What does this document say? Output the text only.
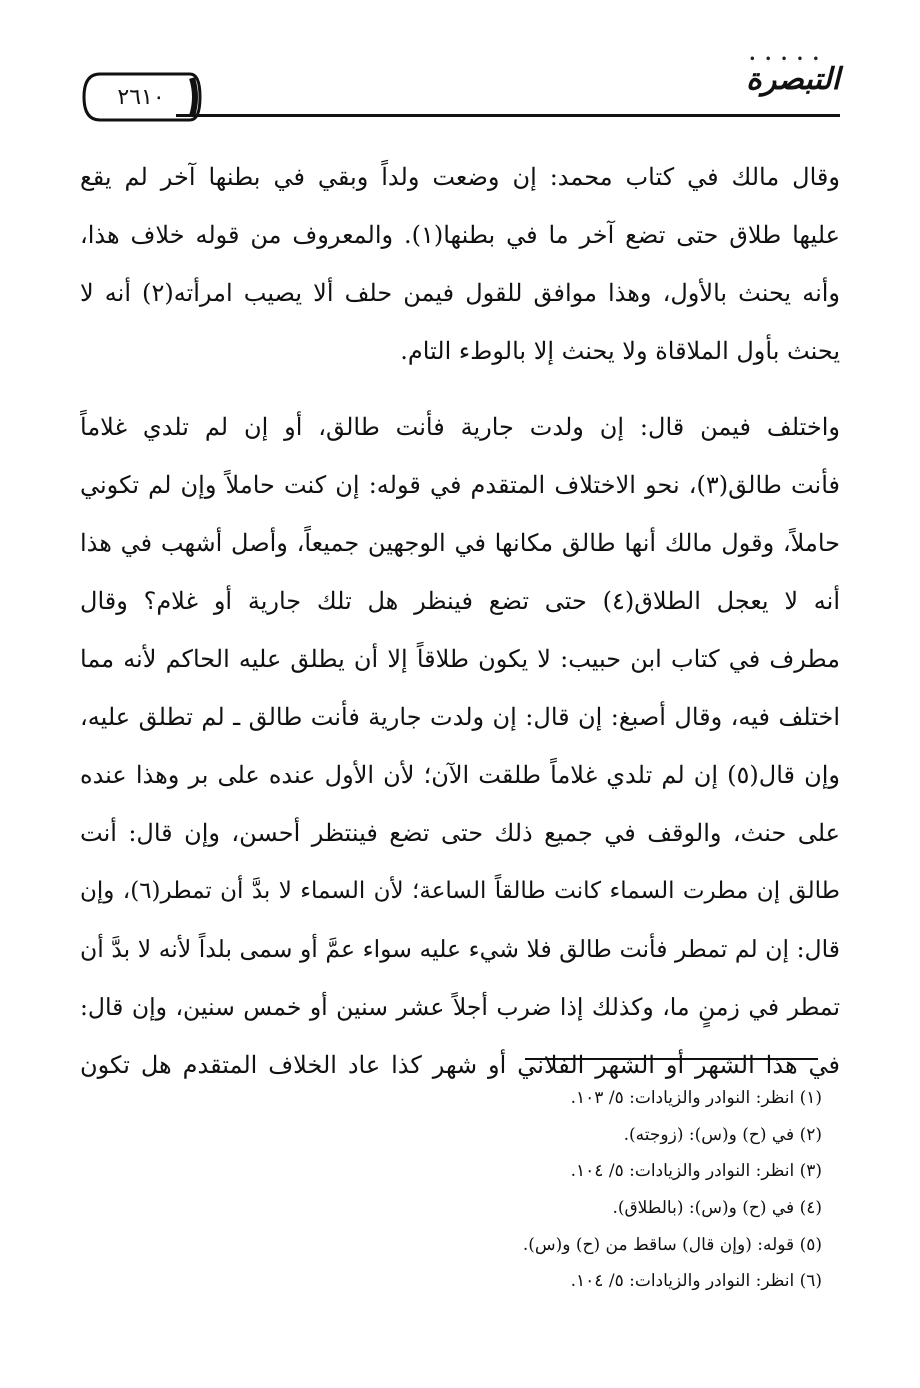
٢٦١٠
• • • • •
التبصرة
وقال مالك في كتاب محمد: إن وضعت ولداً وبقي في بطنها آخر لم يقع
عليها طلاق حتى تضع آخر ما في بطنها(١). والمعروف من قوله خلاف هذا،
وأنه يحنث بالأول، وهذا موافق للقول فيمن حلف ألا يصيب امرأته(٢) أنه لا
يحنث بأول الملاقاة ولا يحنث إلا بالوطء التام.
واختلف فيمن قال: إن ولدت جارية فأنت طالق، أو إن لم تلدي غلاماً
فأنت طالق(٣)، نحو الاختلاف المتقدم في قوله: إن كنت حاملاً وإن لم تكوني
حاملاً، وقول مالك أنها طالق مكانها في الوجهين جميعاً، وأصل أشهب في هذا
أنه لا يعجل الطلاق(٤) حتى تضع فينظر هل تلك جارية أو غلام؟ وقال
مطرف في كتاب ابن حبيب: لا يكون طلاقاً إلا أن يطلق عليه الحاكم لأنه مما
اختلف فيه، وقال أصبغ: إن قال: إن ولدت جارية فأنت طالق ـ لم تطلق عليه،
وإن قال(٥) إن لم تلدي غلاماً طلقت الآن؛ لأن الأول عنده على بر وهذا عنده
على حنث، والوقف في جميع ذلك حتى تضع فينتظر أحسن، وإن قال: أنت
طالق إن مطرت السماء كانت طالقاً الساعة؛ لأن السماء لا بدَّ أن تمطر(٦)، وإن
قال: إن لم تمطر فأنت طالق فلا شيء عليه سواء عمَّ أو سمى بلداً لأنه لا بدَّ أن
تمطر في زمنٍ ما، وكذلك إذا ضرب أجلاً عشر سنين أو خمس سنين، وإن قال:
في هذا الشهر أو الشهر الفلاني أو شهر كذا عاد الخلاف المتقدم هل تكون
(١) انظر: النوادر والزيادات: ٥/ ١٠٣.
(٢) في (ح) و(س): (زوجته).
(٣) انظر: النوادر والزيادات: ٥/ ١٠٤.
(٤) في (ح) و(س): (بالطلاق).
(٥) قوله: (وإن قال) ساقط من (ح) و(س).
(٦) انظر: النوادر والزيادات: ٥/ ١٠٤.
